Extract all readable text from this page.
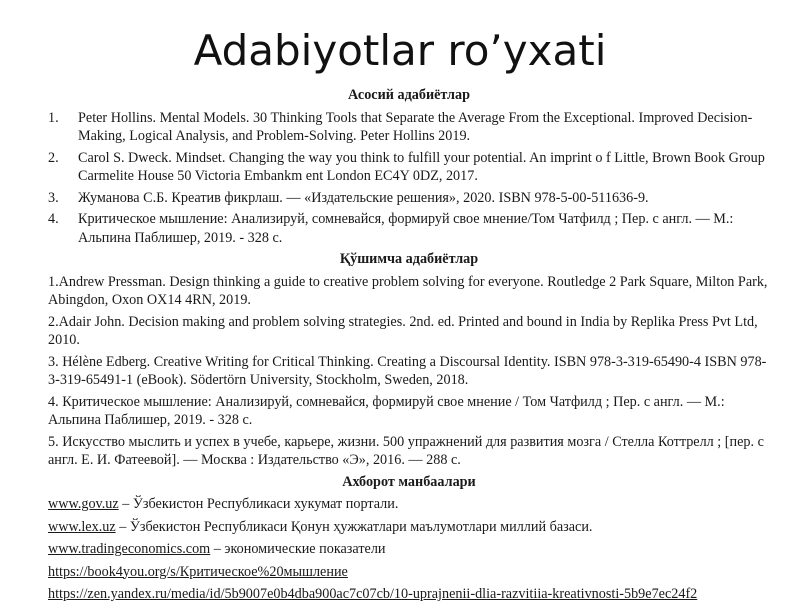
Adabiyotlar ro’yxati
Асосий адабиётлар
1. Peter Hollins. Mental Models. 30 Thinking Tools that Separate the Average From the Exceptional. Improved Decision-Making, Logical Analysis, and Problem-Solving. Peter Hollins 2019.
2. Carol S. Dweck. Mindset. Changing the way you think to fulfill your potential. An imprint o f Little, Brown Book Group Carmelite House 50 Victoria Embankm ent London EC4Y 0DZ, 2017.
3. Жуманова С.Б. Креатив фикрлаш. — «Издательские решения», 2020. ISBN 978-5-00-511636-9.
4. Критическое мышление: Анализируй, сомневайся, формируй свое мнение/Том Чатфилд ; Пер. с англ. — М.: Альпина Паблишер, 2019. - 328 с.
Қўшимча адабиётлар
1.Andrew Pressman. Design thinking a guide to creative problem solving for everyone. Routledge 2 Park Square, Milton Park, Abingdon, Oxon OX14 4RN, 2019.
2.Adair John. Decision making and problem solving strategies. 2nd. ed. Printed and bound in India by Replika Press Pvt Ltd, 2010.
3. Hélène Edberg. Creative Writing for Critical Thinking. Creating a Discoursal Identity. ISBN 978-3-319-65490-4 ISBN 978-3-319-65491-1 (eBook). Södertörn University, Stockholm, Sweden, 2018.
4. Критическое мышление: Анализируй, сомневайся, формируй свое мнение / Том Чатфилд ; Пер. с англ. — М.: Альпина Паблишер, 2019. - 328 с.
5. Искусство мыслить и успех в учебе, карьере, жизни. 500 упражнений для развития мозга / Стелла Коттрелл ; [пер. с англ. Е. И. Фатеевой]. — Москва : Издательство «Э», 2016. — 288 с.
Ахборот манбаалари
www.gov.uz – Ўзбекистон Республикаси хукумат портали.
www.lex.uz – Ўзбекистон Республикаси Қонун ҳужжатлари маълумотлари миллий базаси.
www.tradingeconomics.com – экономические показатели
https://book4you.org/s/Критическое%20мышление
https://zen.yandex.ru/media/id/5b9007e0b4dba900ac7c07cb/10-uprajnenii-dlia-razvitiia-kreativnosti-5b9e7ec24f2
